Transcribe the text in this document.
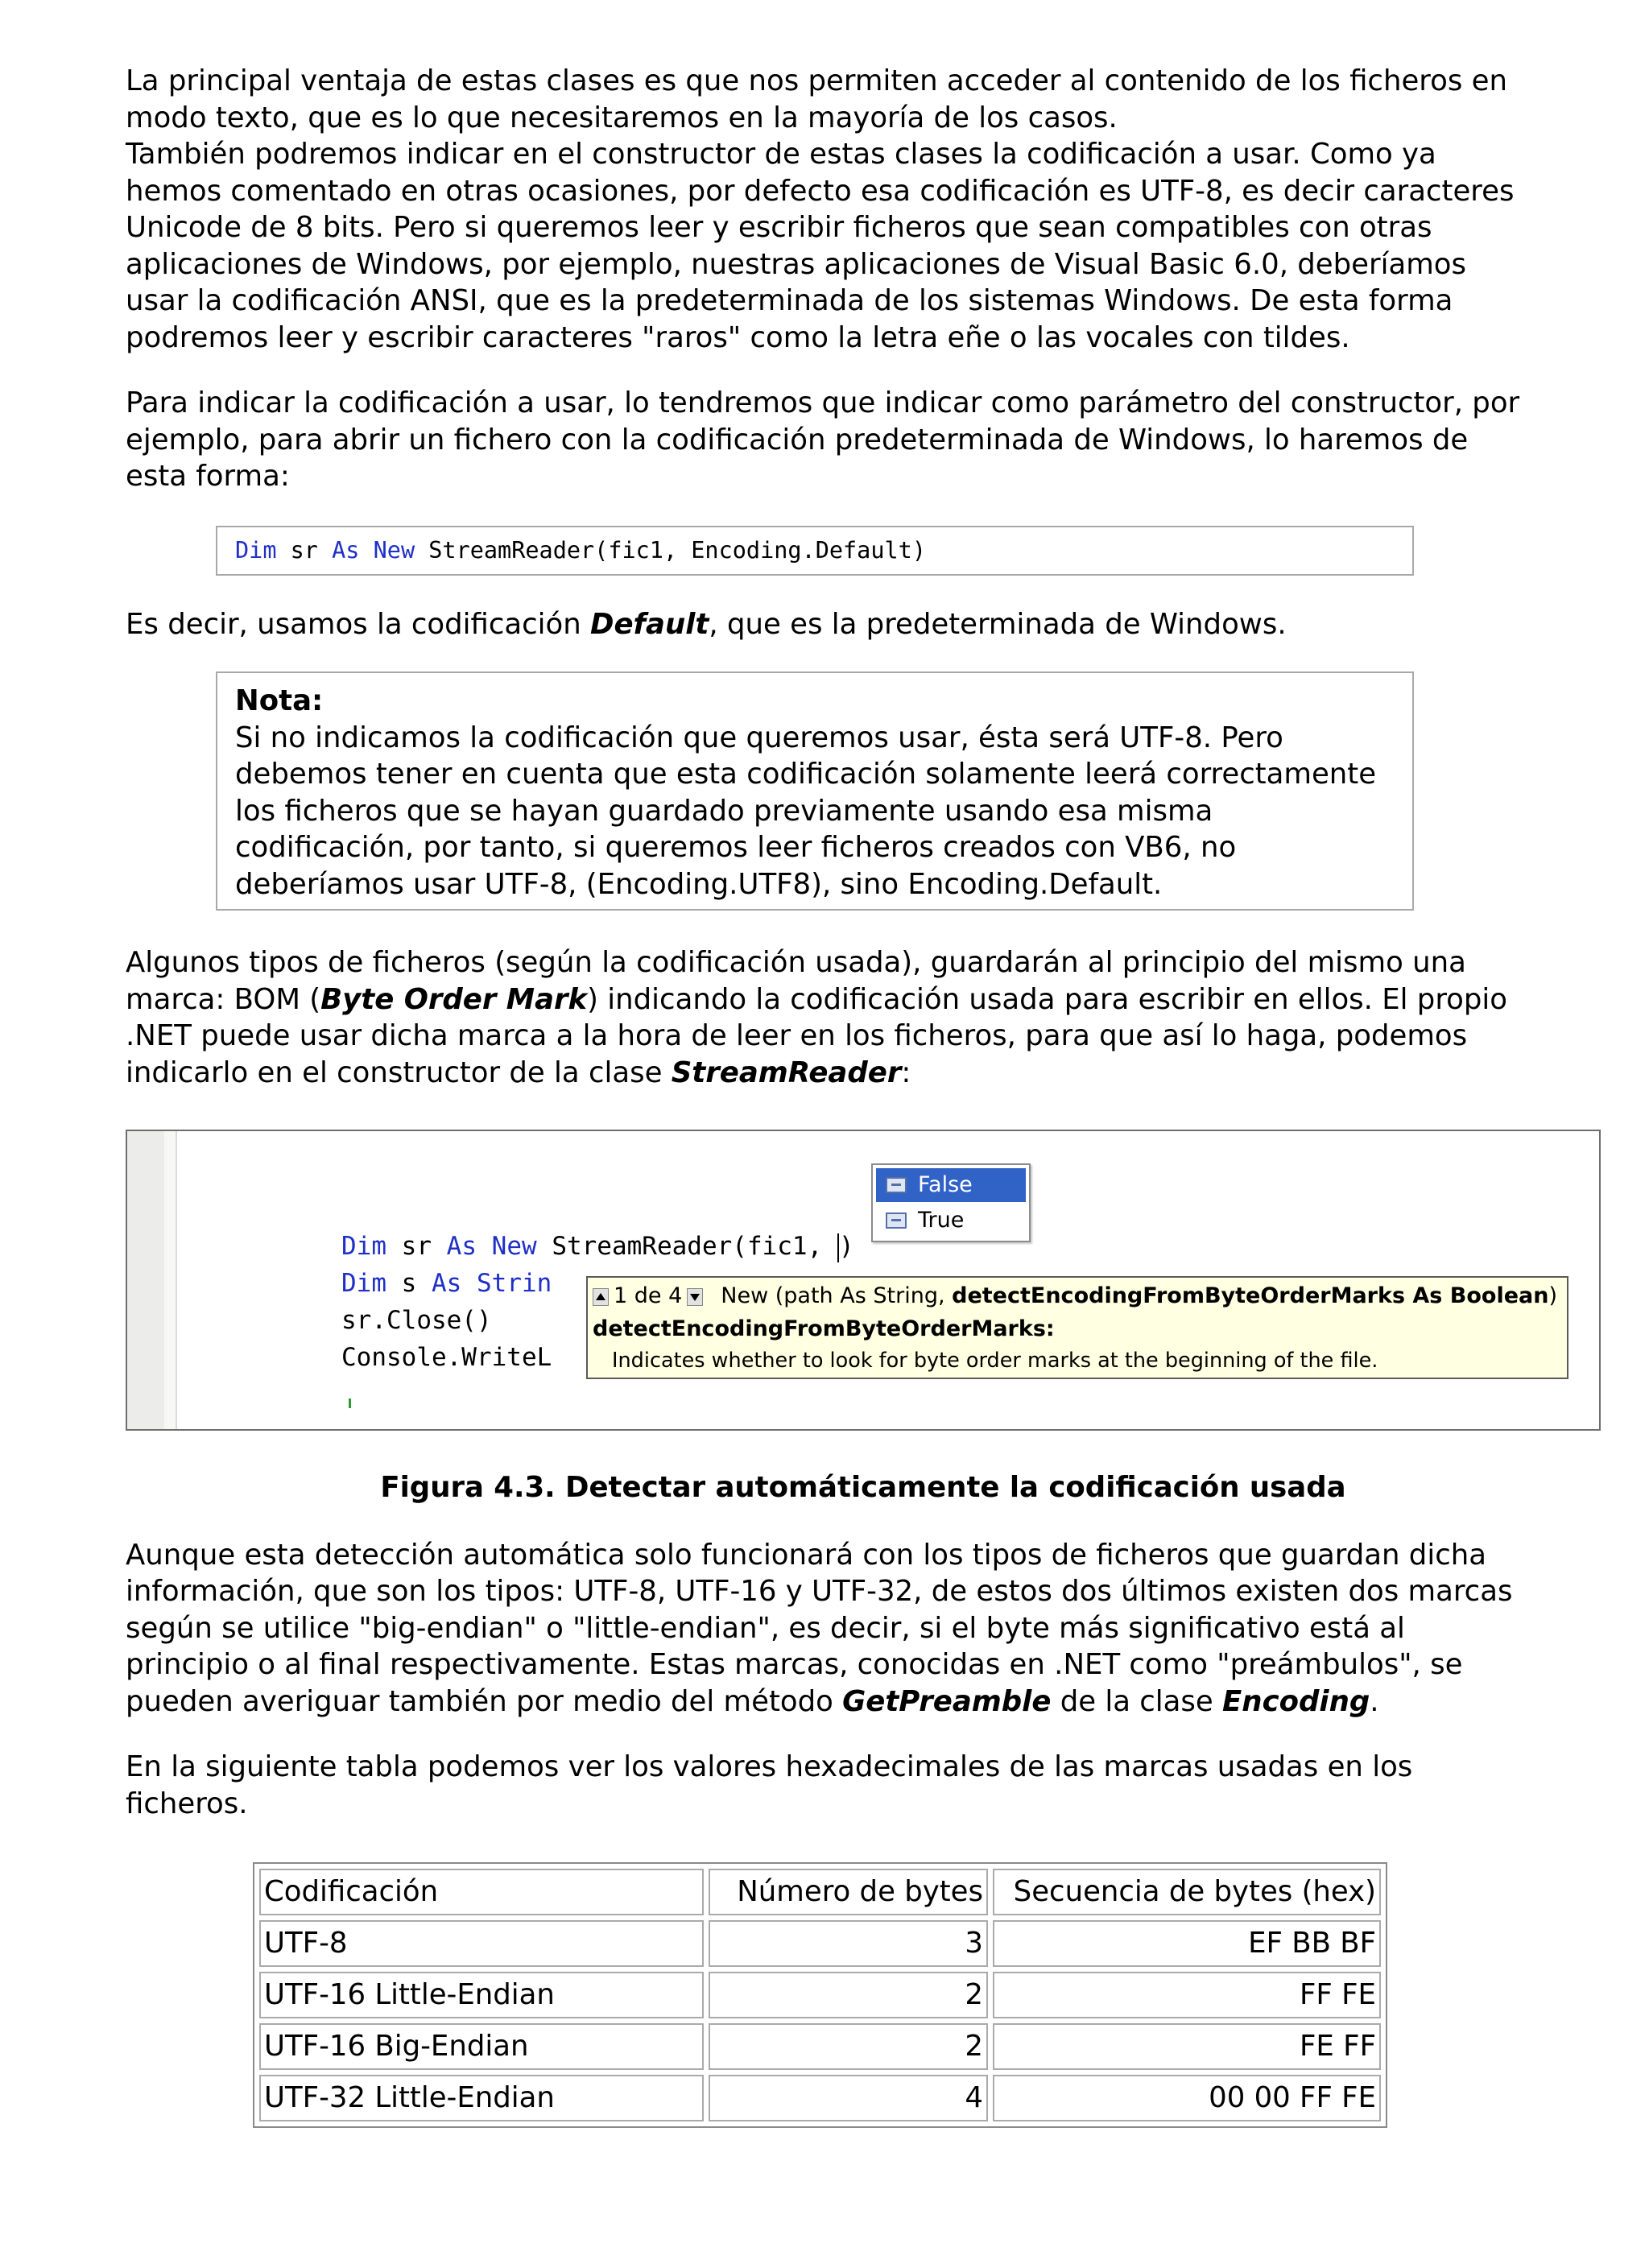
La principal ventaja de estas clases es que nos permiten acceder al contenido de los ficheros en modo texto, que es lo que necesitaremos en la mayoría de los casos.

También podremos indicar en el constructor de estas clases la codificación a usar. Como ya hemos comentado en otras ocasiones, por defecto esa codificación es UTF-8, es decir caracteres Unicode de 8 bits. Pero si queremos leer y escribir ficheros que sean compatibles con otras aplicaciones de Windows, por ejemplo, nuestras aplicaciones de Visual Basic 6.0, deberíamos usar la codificación ANSI, que es la predeterminada de los sistemas Windows. De esta forma podremos leer y escribir caracteres "raros" como la letra eñe o las vocales con tildes.

Para indicar la codificación a usar, lo tendremos que indicar como parámetro del constructor, por ejemplo, para abrir un fichero con la codificación predeterminada de Windows, lo haremos de esta forma:

Dim sr As New StreamReader(fic1, Encoding.Default)

Es decir, usamos la codificación Default, que es la predeterminada de Windows.

Nota:

Si no indicamos la codificación que queremos usar, ésta será UTF-8. Pero debemos tener en cuenta que esta codificación solamente leerá correctamente los ficheros que se hayan guardado previamente usando esa misma codificación, por tanto, si queremos leer ficheros creados con VB6, no deberíamos usar UTF-8, (Encoding.UTF8), sino Encoding.Default.

Algunos tipos de ficheros (según la codificación usada), guardarán al principio del mismo una marca: BOM (Byte Order Mark) indicando la codificación usada para escribir en ellos. El propio .NET puede usar dicha marca a la hora de leer en los ficheros, para que así lo haga, podemos indicarlo en el constructor de la clase StreamReader:

Dim sr As New StreamReader(fic1, )
Dim s As Strin
sr.Close()
Console.WriteL
False
True
1 de 4 New (path As String, detectEncodingFromByteOrderMarks As Boolean)
detectEncodingFromByteOrderMarks:
Indicates whether to look for byte order marks at the beginning of the file.
Figura 4.3. Detectar automáticamente la codificación usada

Aunque esta detección automática solo funcionará con los tipos de ficheros que guardan dicha información, que son los tipos: UTF-8, UTF-16 y UTF-32, de estos dos últimos existen dos marcas según se utilice "big-endian" o "little-endian", es decir, si el byte más significativo está al principio o al final respectivamente. Estas marcas, conocidas en .NET como "preámbulos", se pueden averiguar también por medio del método GetPreamble de la clase Encoding.

En la siguiente tabla podemos ver los valores hexadecimales de las marcas usadas en los ficheros.

Codificación	Número de bytes	Secuencia de bytes (hex)
UTF-8	3	EF BB BF
UTF-16 Little-Endian	2	FF FE
UTF-16 Big-Endian	2	FE FF
UTF-32 Little-Endian	4	00 00 FF FE
